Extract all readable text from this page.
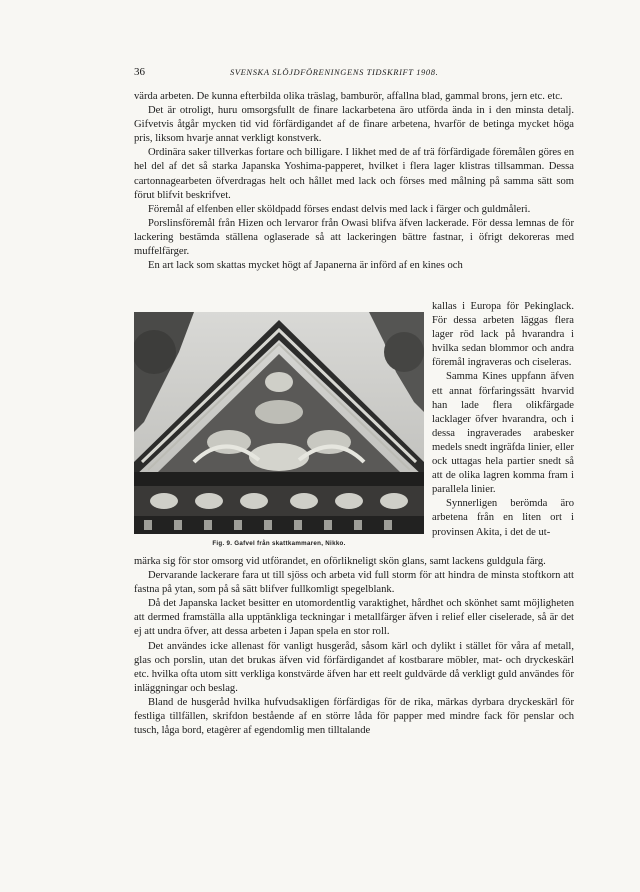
36	SVENSKA SLÖJDFÖRENINGENS TIDSKRIFT 1908.

värda arbeten. De kunna efterbilda olika träslag, bamburör, affallna blad, gammal brons, jern etc. etc.

Det är otroligt, huru omsorgsfullt de finare lackarbetena äro utförda ända in i den minsta detalj. Gifvetvis åtgår mycken tid vid förfärdigandet af de finare arbetena, hvarför de betinga mycket höga pris, liksom hvarje annat verkligt konstverk.

Ordinära saker tillverkas fortare och billigare. I likhet med de af trä förfärdigade föremålen göres en hel del af det så starka Japanska Yoshima-papperet, hvilket i flera lager klistras tillsamman. Dessa cartonnagearbeten öfverdragas helt och hållet med lack och förses med målning på samma sätt som förut blifvit beskrifvet.

Föremål af elfenben eller sköldpadd förses endast delvis med lack i färger och guldmåleri.

Porslinsföremål från Hizen och lervaror från Owasi blifva äfven lackerade. För dessa lemnas de för lackering bestämda ställena oglaserade så att lackeringen bättre fastnar, i öfrigt dekoreras med muffelfärger.

En art lack som skattas mycket högt af Japanerna är införd af en kines och

Fig. 9. Gafvel från skattkammaren, Nikko.

kallas i Europa för Pekinglack. För dessa arbeten läggas flera lager röd lack på hvarandra i hvilka sedan blommor och andra föremål ingraveras och ciseleras.

Samma Kines uppfann äfven ett annat förfaringssätt hvarvid han lade flera olikfärgade lacklager öfver hvarandra, och i dessa ingraverades arabesker medels snedt ingräfda linier, eller ock uttagas hela partier snedt så att de olika lagren komma fram i parallela linier.

Synnerligen berömda äro arbetena från en liten ort i provinsen Akita, i det de ut-

märka sig för stor omsorg vid utförandet, en oförlikneligt skön glans, samt lackens guldgula färg.

Dervarande lackerare fara ut till sjöss och arbeta vid full storm för att hindra de minsta stoftkorn att fastna på ytan, som på så sätt blifver fullkomligt spegelblank.

Då det Japanska lacket besitter en utomordentlig varaktighet, hårdhet och skönhet samt möjligheten att dermed framställa alla upptänkliga teckningar i metallfärger äfven i relief eller ciselerade, så är det ej att undra öfver, att dessa arbeten i Japan spela en stor roll.

Det användes icke allenast för vanligt husgeråd, såsom kärl och dylikt i stället för våra af metall, glas och porslin, utan det brukas äfven vid förfärdigandet af kostbarare möbler, mat- och dryckeskärl etc. hvilka ofta utom sitt verkliga konstvärde äfven har ett reelt guldvärde då verkligt guld användes för inläggningar och beslag.

Bland de husgeråd hvilka hufvudsakligen förfärdigas för de rika, märkas dyrbara dryckeskärl för festliga tillfällen, skrifdon bestående af en större låda för papper med mindre fack för penslar och tusch, låga bord, etagèrer af egendomlig men tilltalande
